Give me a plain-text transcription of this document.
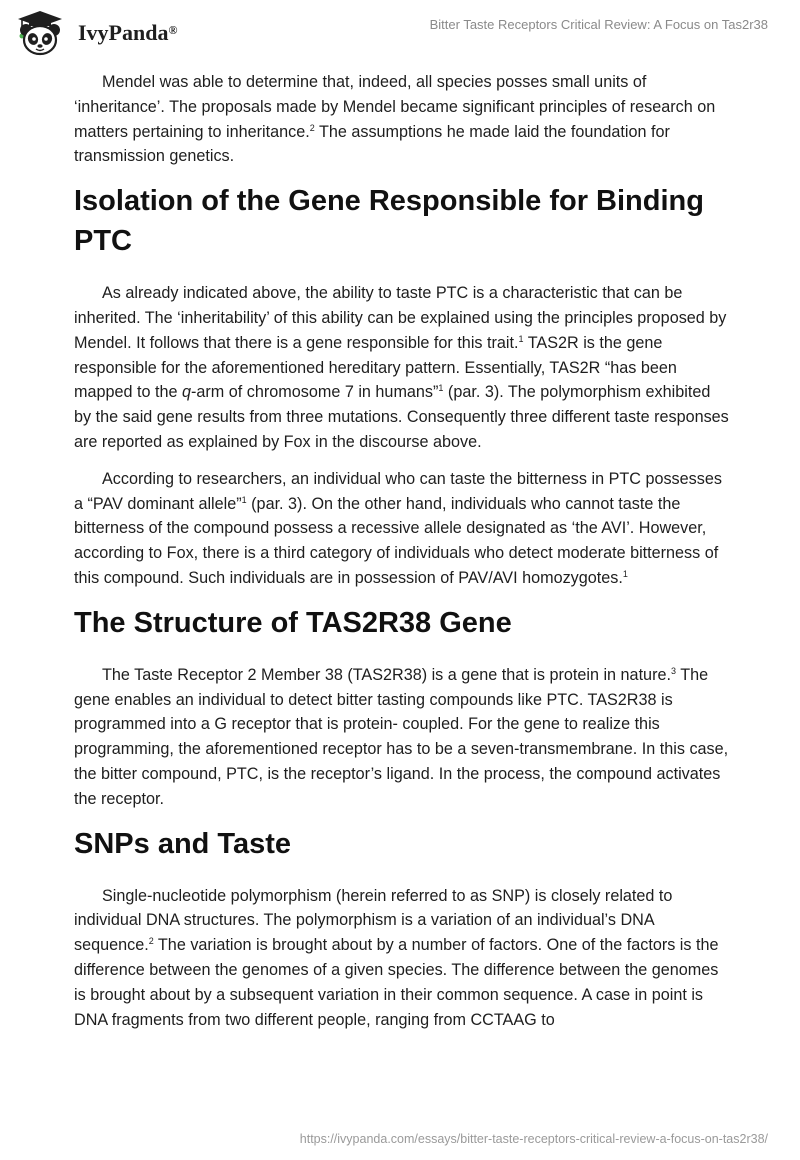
IvyPanda®	Bitter Taste Receptors Critical Review: A Focus on Tas2r38

Mendel was able to determine that, indeed, all species posses small units of ‘inheritance’. The proposals made by Mendel became significant principles of research on matters pertaining to inheritance.$^2$ The assumptions he made laid the foundation for transmission genetics.

Isolation of the Gene Responsible for Binding PTC

As already indicated above, the ability to taste PTC is a characteristic that can be inherited. The ‘inheritability’ of this ability can be explained using the principles proposed by Mendel. It follows that there is a gene responsible for this trait.$^1$ TAS2R is the gene responsible for the aforementioned hereditary pattern. Essentially, TAS2R “has been mapped to the q-arm of chromosome 7 in humans”$^1$ (par. 3). The polymorphism exhibited by the said gene results from three mutations. Consequently three different taste responses are reported as explained by Fox in the discourse above.

According to researchers, an individual who can taste the bitterness in PTC possesses a “PAV dominant allele”$^1$ (par. 3). On the other hand, individuals who cannot taste the bitterness of the compound possess a recessive allele designated as ‘the AVI’. However, according to Fox, there is a third category of individuals who detect moderate bitterness of this compound. Such individuals are in possession of PAV/AVI homozygotes.$^1$

The Structure of TAS2R38 Gene

The Taste Receptor 2 Member 38 (TAS2R38) is a gene that is protein in nature.$^3$ The gene enables an individual to detect bitter tasting compounds like PTC. TAS2R38 is programmed into a G receptor that is protein- coupled. For the gene to realize this programming, the aforementioned receptor has to be a seven-transmembrane. In this case, the bitter compound, PTC, is the receptor’s ligand. In the process, the compound activates the receptor.

SNPs and Taste

Single-nucleotide polymorphism (herein referred to as SNP) is closely related to individual DNA structures. The polymorphism is a variation of an individual’s DNA sequence.$^2$ The variation is brought about by a number of factors. One of the factors is the difference between the genomes of a given species. The difference between the genomes is brought about by a subsequent variation in their common sequence. A case in point is DNA fragments from two different people, ranging from CCTAAG to

https://ivypanda.com/essays/bitter-taste-receptors-critical-review-a-focus-on-tas2r38/
